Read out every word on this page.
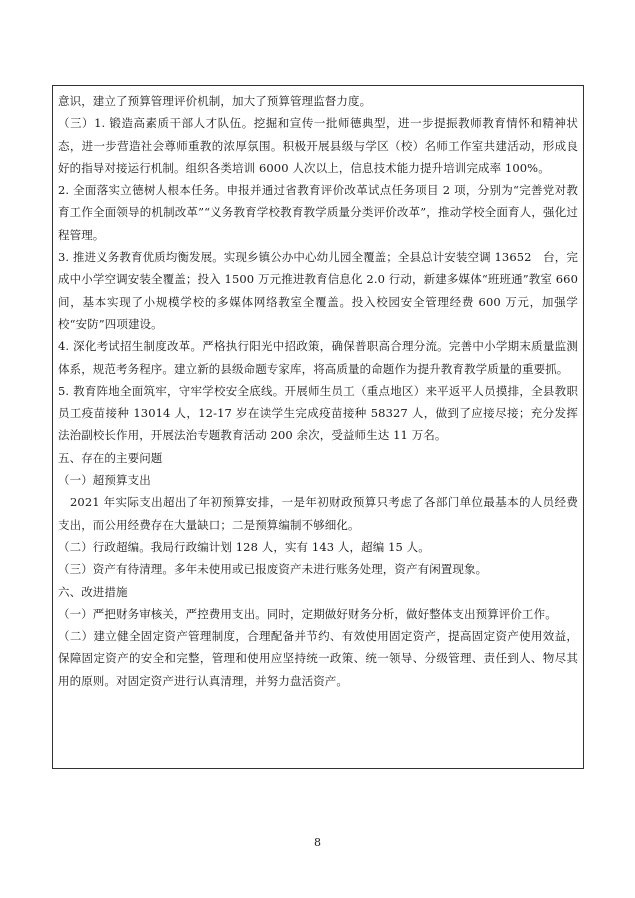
意识，建立了预算管理评价机制，加大了预算管理监督力度。

（三）1. 锻造高素质干部人才队伍。挖掘和宣传一批师德典型，进一步提振教师教育情怀和精神状态，进一步营造社会尊师重教的浓厚氛围。积极开展县级与学区（校）名师工作室共建活动，形成良好的指导对接运行机制。组织各类培训 6000 人次以上，信息技术能力提升培训完成率 100%。

2. 全面落实立德树人根本任务。申报并通过省教育评价改革试点任务项目 2 项，分别为“完善党对教育工作全面领导的机制改革”“义务教育学校教育教学质量分类评价改革”，推动学校全面育人，强化过程管理。

3. 推进义务教育优质均衡发展。实现乡镇公办中心幼儿园全覆盖；全县总计安装空调 13652　台，完成中小学空调安装全覆盖；投入 1500 万元推进教育信息化 2.0 行动，新建多媒体“班班通”教室 660 间，基本实现了小规模学校的多媒体网络教室全覆盖。投入校园安全管理经费 600 万元，加强学校“安防”四项建设。

4. 深化考试招生制度改革。严格执行阳光中招政策，确保普职高合理分流。完善中小学期末质量监测体系，规范考务程序。建立新的县级命题专家库，将高质量的命题作为提升教育教学质量的重要抓。

5. 教育阵地全面筑牢，守牢学校安全底线。开展师生员工（重点地区）来平返平人员摸排，全县教职员工疫苗接种 13014 人，12-17 岁在读学生完成疫苗接种 58327 人，做到了应接尽接；充分发挥法治副校长作用，开展法治专题教育活动 200 余次，受益师生达 11 万名。

五、存在的主要问题

（一）超预算支出

2021 年实际支出超出了年初预算安排，一是年初财政预算只考虑了各部门单位最基本的人员经费支出，而公用经费存在大量缺口；二是预算编制不够细化。

（二）行政超编。我局行政编计划 128 人，实有 143 人，超编 15 人。

（三）资产有待清理。多年未使用或已报废资产未进行账务处理，资产有闲置现象。

六、改进措施

（一）严把财务审核关，严控费用支出。同时，定期做好财务分析，做好整体支出预算评价工作。

（二）建立健全固定资产管理制度，合理配备并节约、有效使用固定资产，提高固定资产使用效益，保障固定资产的安全和完整，管理和使用应坚持统一政策、统一领导、分级管理、责任到人、物尽其用的原则。对固定资产进行认真清理，并努力盘活资产。

8
